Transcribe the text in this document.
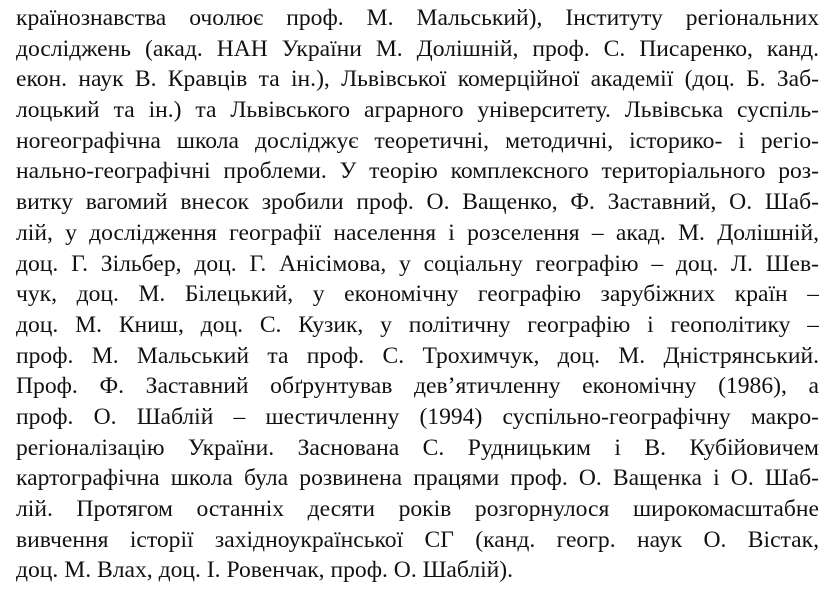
країнознавства очолює проф. М. Мальський), Інституту регіональних
досліджень (акад. НАН України М. Долішній, проф. С. Писаренко, канд.
екон. наук В. Кравців та ін.), Львівської комерційної академії (доц. Б. Заб-
лоцький та ін.) та Львівського аграрного університету. Львівська суспіль-
ногеографічна школа досліджує теоретичні, методичні, історико- і регіо-
нально-географічні проблеми. У теорію комплексного територіального роз-
витку вагомий внесок зробили проф. О. Ващенко, Ф. Заставний, О. Шаб-
лій, у дослідження географії населення і розселення – акад. М. Долішній,
доц. Г. Зільбер, доц. Г. Анісімова, у соціальну географію – доц. Л. Шев-
чук, доц. М. Білецький, у економічну географію зарубіжних країн –
доц. М. Книш, доц. С. Кузик, у політичну географію і геополітику –
проф. М. Мальський та проф. С. Трохимчук, доц. М. Дністрянський.
Проф. Ф. Заставний обґрунтував дев’ятичленну економічну (1986), а
проф. О. Шаблій – шестичленну (1994) суспільно-географічну макро-
регіоналізацію України. Заснована С. Рудницьким і В. Кубійовичем
картографічна школа була розвинена працями проф. О. Ващенка і О. Шаб-
лій. Протягом останніх десяти років розгорнулося широкомасштабне
вивчення історії західноукраїнської СГ (канд. геогр. наук О. Вістак,
доц. М. Влах, доц. І. Ровенчак, проф. О. Шаблій).
